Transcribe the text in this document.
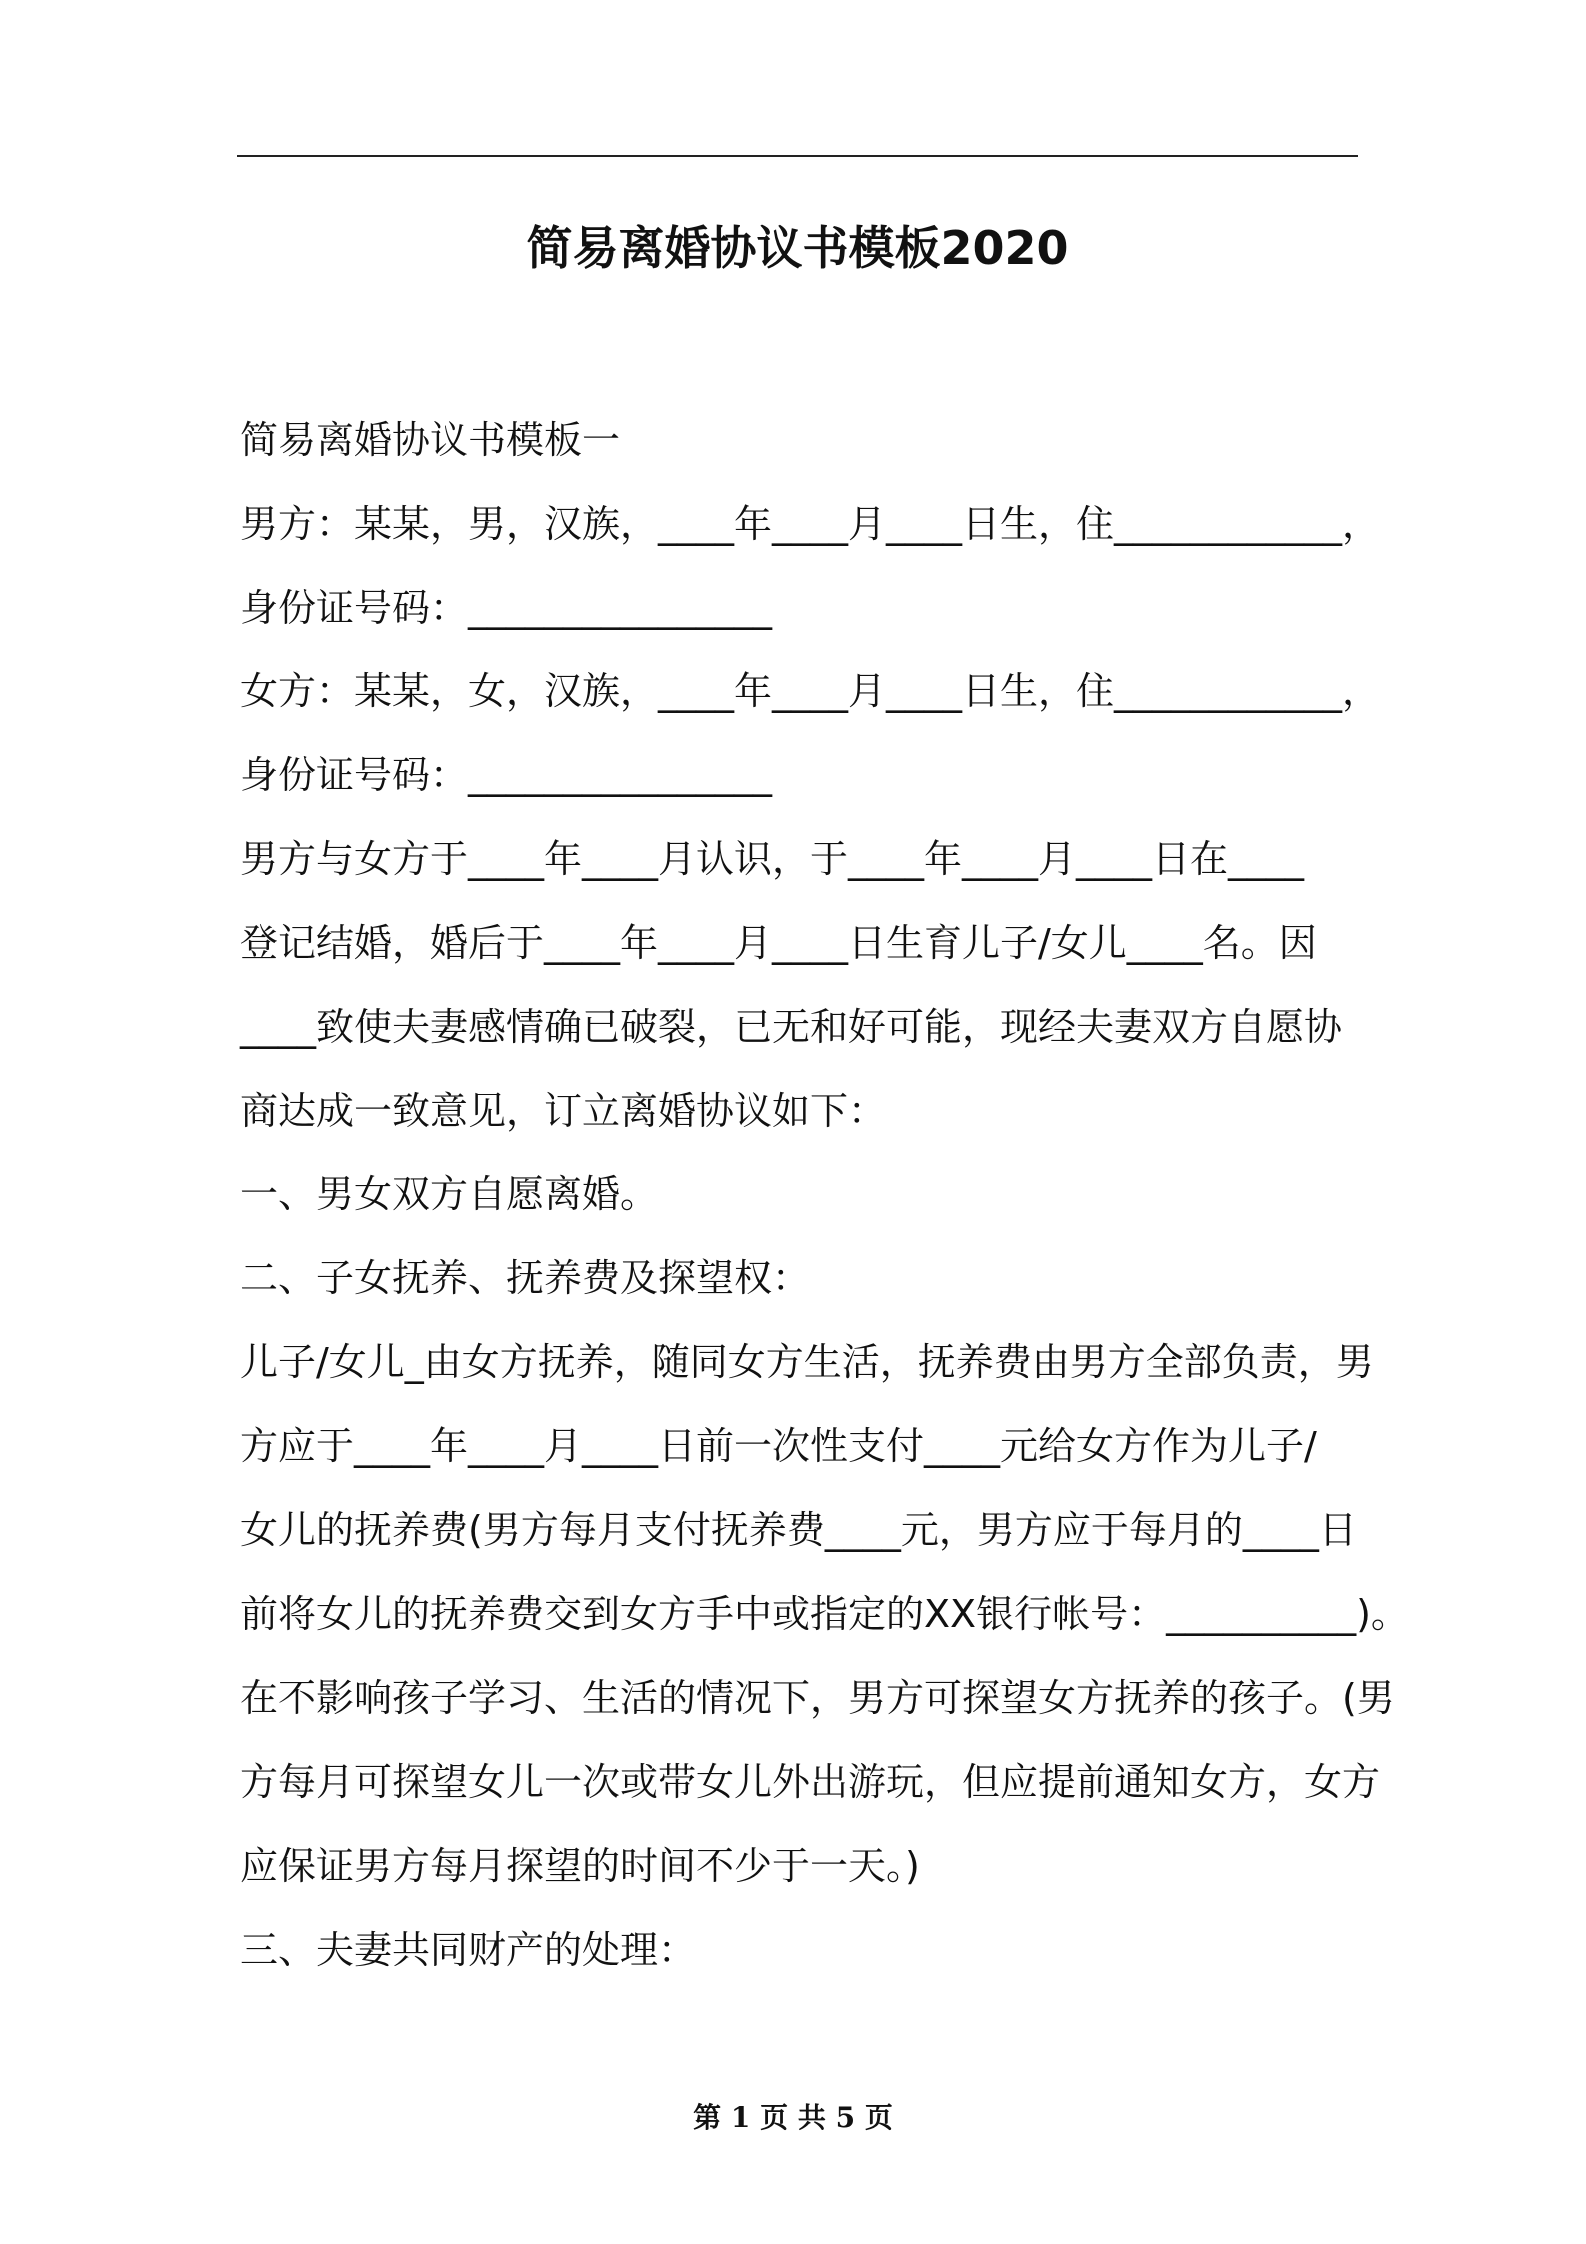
简易离婚协议书模板2020
简易离婚协议书模板一
男方：某某，男，汉族，____年____月____日生，住____________，
身份证号码：________________
女方：某某，女，汉族，____年____月____日生，住____________，
身份证号码：________________
男方与女方于____年____月认识，于____年____月____日在____
登记结婚，婚后于____年____月____日生育儿子/女儿____名。因
____致使夫妻感情确已破裂，已无和好可能，现经夫妻双方自愿协
商达成一致意见，订立离婚协议如下：
一、男女双方自愿离婚。
二、子女抚养、抚养费及探望权：
儿子/女儿_由女方抚养，随同女方生活，抚养费由男方全部负责，男
方应于____年____月____日前一次性支付____元给女方作为儿子/
女儿的抚养费(男方每月支付抚养费____元，男方应于每月的____日
前将女儿的抚养费交到女方手中或指定的XX银行帐号：__________)。
在不影响孩子学习、生活的情况下，男方可探望女方抚养的孩子。(男
方每月可探望女儿一次或带女儿外出游玩，但应提前通知女方，女方
应保证男方每月探望的时间不少于一天。)
三、夫妻共同财产的处理：
第 1 页 共 5 页
